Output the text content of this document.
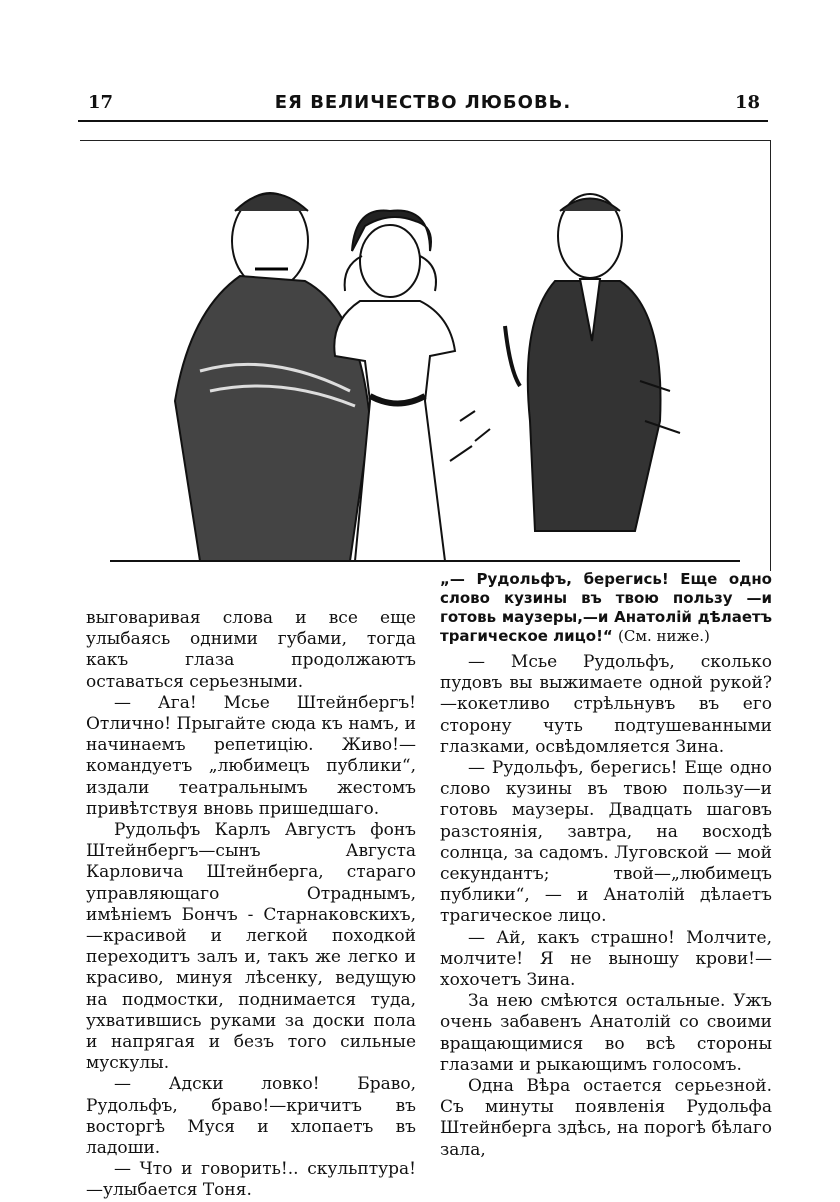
17	ЕЯ ВЕЛИЧЕСТВО ЛЮБОВЬ.	18
„— Рудольфъ, берегись! Еще одно слово кузины въ твою пользу —и готовь маузеры,—и Анатолій дѣлаетъ трагическое лицо!“ (См. ниже.)

выговаривая слова и все еще улыбаясь одними губами, тогда какъ глаза продолжаютъ оставаться серьезными.

— Ага! Мсье Штейнбергъ! Отлично! Прыгайте сюда къ намъ, и начинаемъ репетицію. Живо!—командуетъ „любимецъ публики“, издали театральнымъ жестомъ привѣтствуя вновь пришедшаго.

Рудольфъ Карлъ Августъ фонъ Штейнбергъ—сынъ Августа Карловича Штейнберга, стараго управляющаго Отраднымъ, имѣніемъ Бончъ - Старнаковскихъ,—красивой и легкой походкой переходитъ залъ и, такъ же легко и красиво, минуя лѣсенку, ведущую на подмостки, поднимается туда, ухватившись руками за доски пола и напрягая и безъ того сильные мускулы.

— Адски ловко! Браво, Рудольфъ, браво!—кричитъ въ восторгѣ Муся и хлопаетъ въ ладоши.

— Что и говорить!.. скульптура!—улыбается Тоня.

— Мсье Рудольфъ, сколько пудовъ вы выжимаете одной рукой?—кокетливо стрѣльнувъ въ его сторону чуть подтушеванными глазками, освѣдомляется Зина.

— Рудольфъ, берегись! Еще одно слово кузины въ твою пользу—и готовь маузеры. Двадцать шаговъ разстоянія, завтра, на восходѣ солнца, за садомъ. Луговской — мой секундантъ; твой—„любимецъ публики“, — и Анатолій дѣлаетъ трагическое лицо.

— Ай, какъ страшно! Молчите, молчите! Я не выношу крови!—хохочетъ Зина.

За нею смѣются остальные. Ужъ очень забавенъ Анатолій со своими вращающимися во всѣ стороны глазами и рыкающимъ голосомъ.

Одна Вѣра остается серьезной. Съ минуты появленія Рудольфа Штейнберга здѣсь, на порогѣ бѣлаго зала,
